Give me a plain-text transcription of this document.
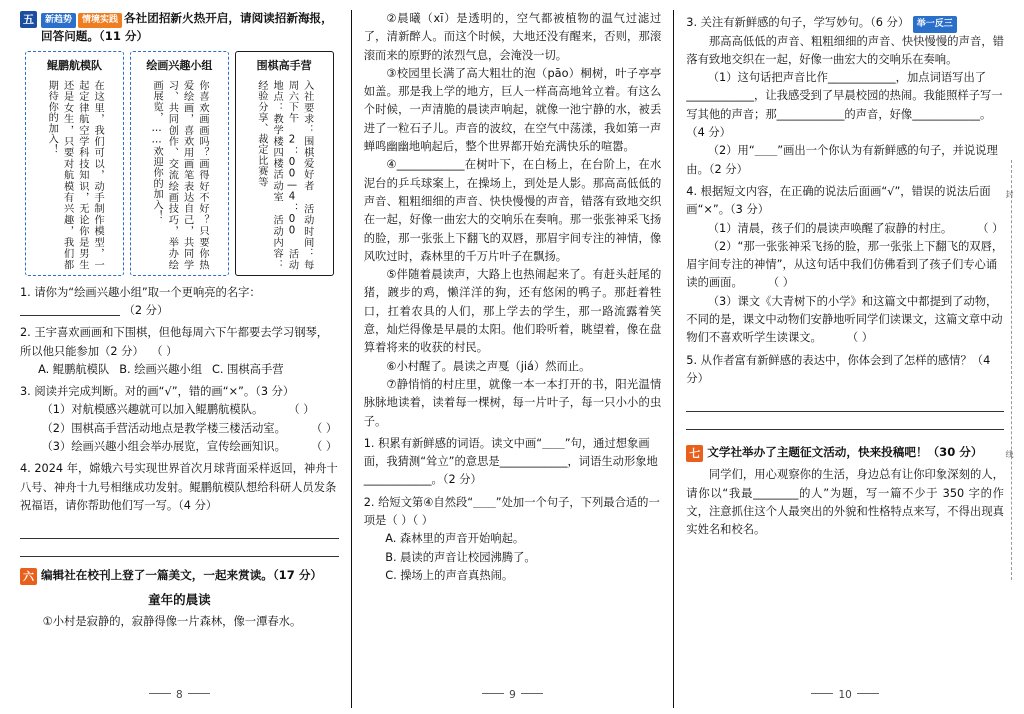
五	新趋势 情境实践 各社团招新火热开启，请阅读招新海报，回答问题。（11 分）
鲲鹏航模队
在这里，我们可以，动手制作模型，一起定律航空学科技知识，无论你是男生还是女生，只要对航模有兴趣，我们都期待你的加入！
绘画兴趣小组
你喜欢画画吗？画得好不好？只要你热爱绘画，喜欢用画笔表达自己，共同学习、共同创作、交流绘画技巧，举办绘画展览，……欢迎你的加入！
围棋高手营
入社要求：围棋爱好者 活动时间：每周六下午 2：00—4：00 活动地点：教学楼四楼活动室 活动内容：经验分享、裁定比赛等
1. 请你为“绘画兴趣小组”取一个更响亮的名字： （2 分）
2. 王宇喜欢画画和下围棋，但他每周六下午都要去学习钢琴，所以他只能参加（2 分） （ ）
A. 鲲鹏航模队 B. 绘画兴趣小组 C. 围棋高手营
3. 阅读并完成判断。对的画“√”，错的画“×”。（3 分）
（1）对航模感兴趣就可以加入鲲鹏航模队。 （ ）
（2）围棋高手营活动地点是教学楼三楼活动室。 （ ）
（3）绘画兴趣小组会举办展览，宣传绘画知识。 （ ）
4. 2024 年，嫦娥六号实现世界首次月球背面采样返回，神舟十八号、神舟十九号相继成功发射。鲲鹏航模队想给科研人员发条祝福语，请你帮助他们写一写。（4 分）
六 编辑社在校刊上登了一篇美文，一起来赏读。（17 分）
童年的晨读
①小村是寂静的，寂静得像一片森林，像一潭春水。
8
②晨曦（xī）是透明的，空气都被植物的温气过滤过了，清新醉人。而这个时候，大地还没有醒来，否则，那滚滚而来的原野的浓烈气息，会淹没一切。
③校园里长满了高大粗壮的泡（pāo）桐树，叶子亭亭如盖。那是我上学的地方，巨人一样高高地耸立着。有这么个时候，一声清脆的晨读声响起，就像一池宁静的水，被丢进了一粒石子儿。声音的波纹，在空气中荡漾，我如第一声蝉鸣幽幽地响起后，整个世界都开始充满快乐的喧嚣。
④____________在树叶下，在白杨上，在台阶上，在水泥台的乒乓球案上，在操场上，到处是人影。那高高低低的声音、粗粗细细的声音、快快慢慢的声音，错落有致地交织在一起，好像一曲宏大的交响乐在奏响。那一张张神采飞扬的脸，那一张张上下翻飞的双唇，那眉宇间专注的神情，像风吹过时，森林里的千万片叶子在飘扬。
⑤伴随着晨读声，大路上也热闹起来了。有赶头赶尾的猪，踱步的鸡，懒洋洋的狗，还有悠闲的鸭子。那赶着牲口，扛着农具的人们，那上学去的学生，那一路流露着笑意，灿烂得像是早晨的太阳。他们聆听着，眺望着，像在盘算着将来的收获的村民。
⑥小村醒了。晨读之声戛（jiá）然而止。
⑦静悄悄的村庄里，就像一本一本打开的书，阳光温情脉脉地读着，读着每一棵树，每一片叶子，每一只小小的虫子。
1. 积累有新鲜感的词语。读文中画“＿＿”句，通过想象画面，我猜测“耸立”的意思是____________，词语生动形象地____________。（2 分）
2. 给短文第④自然段“＿＿”处加一个句子，下列最合适的一项是（ ）（ ）
A. 森林里的声音开始响起。
B. 晨读的声音让校园沸腾了。
C. 操场上的声音真热闹。
9
3. 关注有新鲜感的句子，学写妙句。（6 分） 举一反三
那高高低低的声音、粗粗细细的声音、快快慢慢的声音，错落有致地交织在一起，好像一曲宏大的交响乐在奏响。
（1）这句话把声音比作____________，加点词语写出了____________，让我感受到了早晨校园的热闹。我能照样子写一写其他的声音；那____________的声音，好像____________。（4 分）
（2）用“＿＿”画出一个你认为有新鲜感的句子，并说说理由。（2 分）
4. 根据短文内容，在正确的说法后面画“√”，错误的说法后面画“×”。（3 分）
（1）清晨，孩子们的晨读声唤醒了寂静的村庄。 （ ）
（2）“那一张张神采飞扬的脸，那一张张上下翻飞的双唇，眉宇间专注的神情”，从这句话中我们仿佛看到了孩子们专心诵读的画面。 （ ）
（3）课文《大青树下的小学》和这篇文中都提到了动物，不同的是，课文中动物们安静地听同学们读课文，这篇文章中动物们不喜欢听学生读课文。 （ ）
5. 从作者富有新鲜感的表达中，你体会到了怎样的感情？（4 分）
七 文学社举办了主题征文活动，快来投稿吧！（30 分）
同学们，用心观察你的生活，身边总有让你印象深刻的人，请你以“我最________的人”为题，写一篇不少于 350 字的作文，注意抓住这个人最突出的外貌和性格特点来写，不得出现真实姓名和校名。
封
线
10
